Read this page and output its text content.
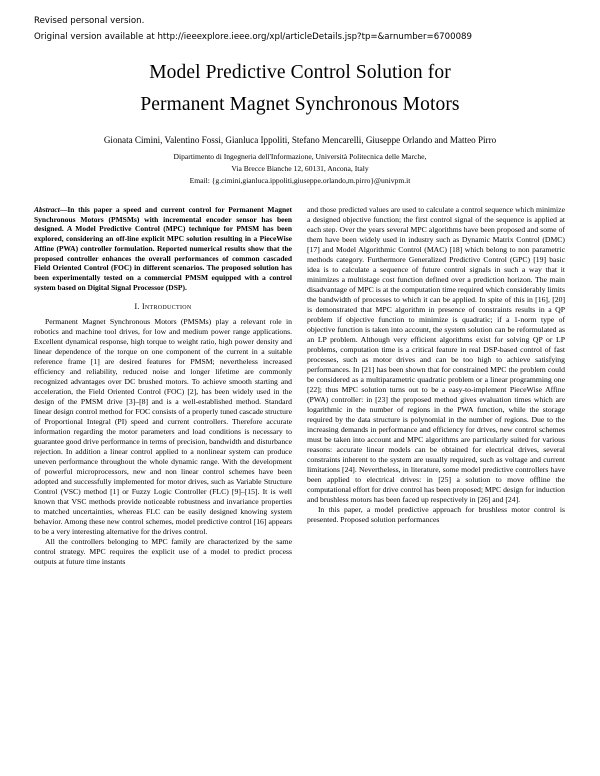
Revised personal version.
Original version available at http://ieeexplore.ieee.org/xpl/articleDetails.jsp?tp=&arnumber=6700089
Model Predictive Control Solution for
Permanent Magnet Synchronous Motors
Gionata Cimini, Valentino Fossi, Gianluca Ippoliti, Stefano Mencarelli, Giuseppe Orlando and Matteo Pirro
Dipartimento di Ingegneria dell'Informazione, Università Politecnica delle Marche,
Via Brecce Bianche 12, 60131, Ancona, Italy
Email: {g.cimini,gianluca.ippoliti,giuseppe.orlando,m.pirro}@univpm.it
Abstract—In this paper a speed and current control for Permanent Magnet Synchronous Motors (PMSMs) with incremental encoder sensor has been designed. A Model Predictive Control (MPC) technique for PMSM has been explored, considering an off-line explicit MPC solution resulting in a PieceWise Affine (PWA) controller formulation. Reported numerical results show that the proposed controller enhances the overall performances of common cascaded Field Oriented Control (FOC) in different scenarios. The proposed solution has been experimentally tested on a commercial PMSM equipped with a control system based on Digital Signal Processor (DSP).
I. Introduction

Permanent Magnet Synchronous Motors (PMSMs) play a relevant role in robotics and machine tool drives, for low and medium power range applications. Excellent dynamical response, high torque to weight ratio, high power density and linear dependence of the torque on one component of the current in a suitable reference frame [1] are desired features for PMSM; nevertheless increased efficiency and reliability, reduced noise and longer lifetime are commonly recognized advantages over DC brushed motors. To achieve smooth starting and acceleration, the Field Oriented Control (FOC) [2], has been widely used in the design of the PMSM drive [3]–[8] and is a well-established method. Standard linear design control method for FOC consists of a properly tuned cascade structure of Proportional Integral (PI) speed and current controllers. Therefore accurate information regarding the motor parameters and load conditions is necessary to guarantee good drive performance in terms of precision, bandwidth and disturbance rejection. In addition a linear control applied to a nonlinear system can produce uneven performance throughout the whole dynamic range. With the development of powerful microprocessors, new and non linear control schemes have been adopted and successfully implemented for motor drives, such as Variable Structure Control (VSC) method [1] or Fuzzy Logic Controller (FLC) [9]–[15]. It is well known that VSC methods provide noticeable robustness and invariance properties to matched uncertainties, whereas FLC can be easily designed knowing system behavior. Among these new control schemes, model predictive control [16] appears to be a very interesting alternative for the drives control.

All the controllers belonging to MPC family are characterized by the same control strategy. MPC requires the explicit use of a model to predict process outputs at future time instants

and those predicted values are used to calculate a control sequence which minimize a designed objective function; the first control signal of the sequence is applied at each step. Over the years several MPC algorithms have been proposed and some of them have been widely used in industry such as Dynamic Matrix Control (DMC) [17] and Model Algorithmic Control (MAC) [18] which belong to non parametric methods category. Furthermore Generalized Predictive Control (GPC) [19] basic idea is to calculate a sequence of future control signals in such a way that it minimizes a multistage cost function defined over a prediction horizon. The main disadvantage of MPC is at the computation time required which considerably limits the bandwidth of processes to which it can be applied. In spite of this in [16], [20] is demonstrated that MPC algorithm in presence of constraints results in a QP problem if objective function to minimize is quadratic; if a 1-norm type of objective function is taken into account, the system solution can be reformulated as an LP problem. Although very efficient algorithms exist for solving QP or LP problems, computation time is a critical feature in real DSP-based control of fast processes, such as motor drives and can be too high to achieve satisfying performances. In [21] has been shown that for constrained MPC the problem could be considered as a multiparametric quadratic problem or a linear programming one [22]; thus MPC solution turns out to be a easy-to-implement PieceWise Affine (PWA) controller: in [23] the proposed method gives evaluation times which are logarithmic in the number of regions in the PWA function, while the storage required by the data structure is polynomial in the number of regions. Due to the increasing demands in performance and efficiency for drives, new control schemes must be taken into account and MPC algorithms are particularly suited for various reasons: accurate linear models can be obtained for electrical drives, several constraints inherent to the system are usually required, such as voltage and current limitations [24]. Nevertheless, in literature, some model predictive controllers have been applied to electrical drives: in [25] a solution to move offline the computational effort for drive control has been proposed; MPC design for induction and brushless motors has been faced up respectively in [26] and [24].

In this paper, a model predictive approach for brushless motor control is presented. Proposed solution performances
